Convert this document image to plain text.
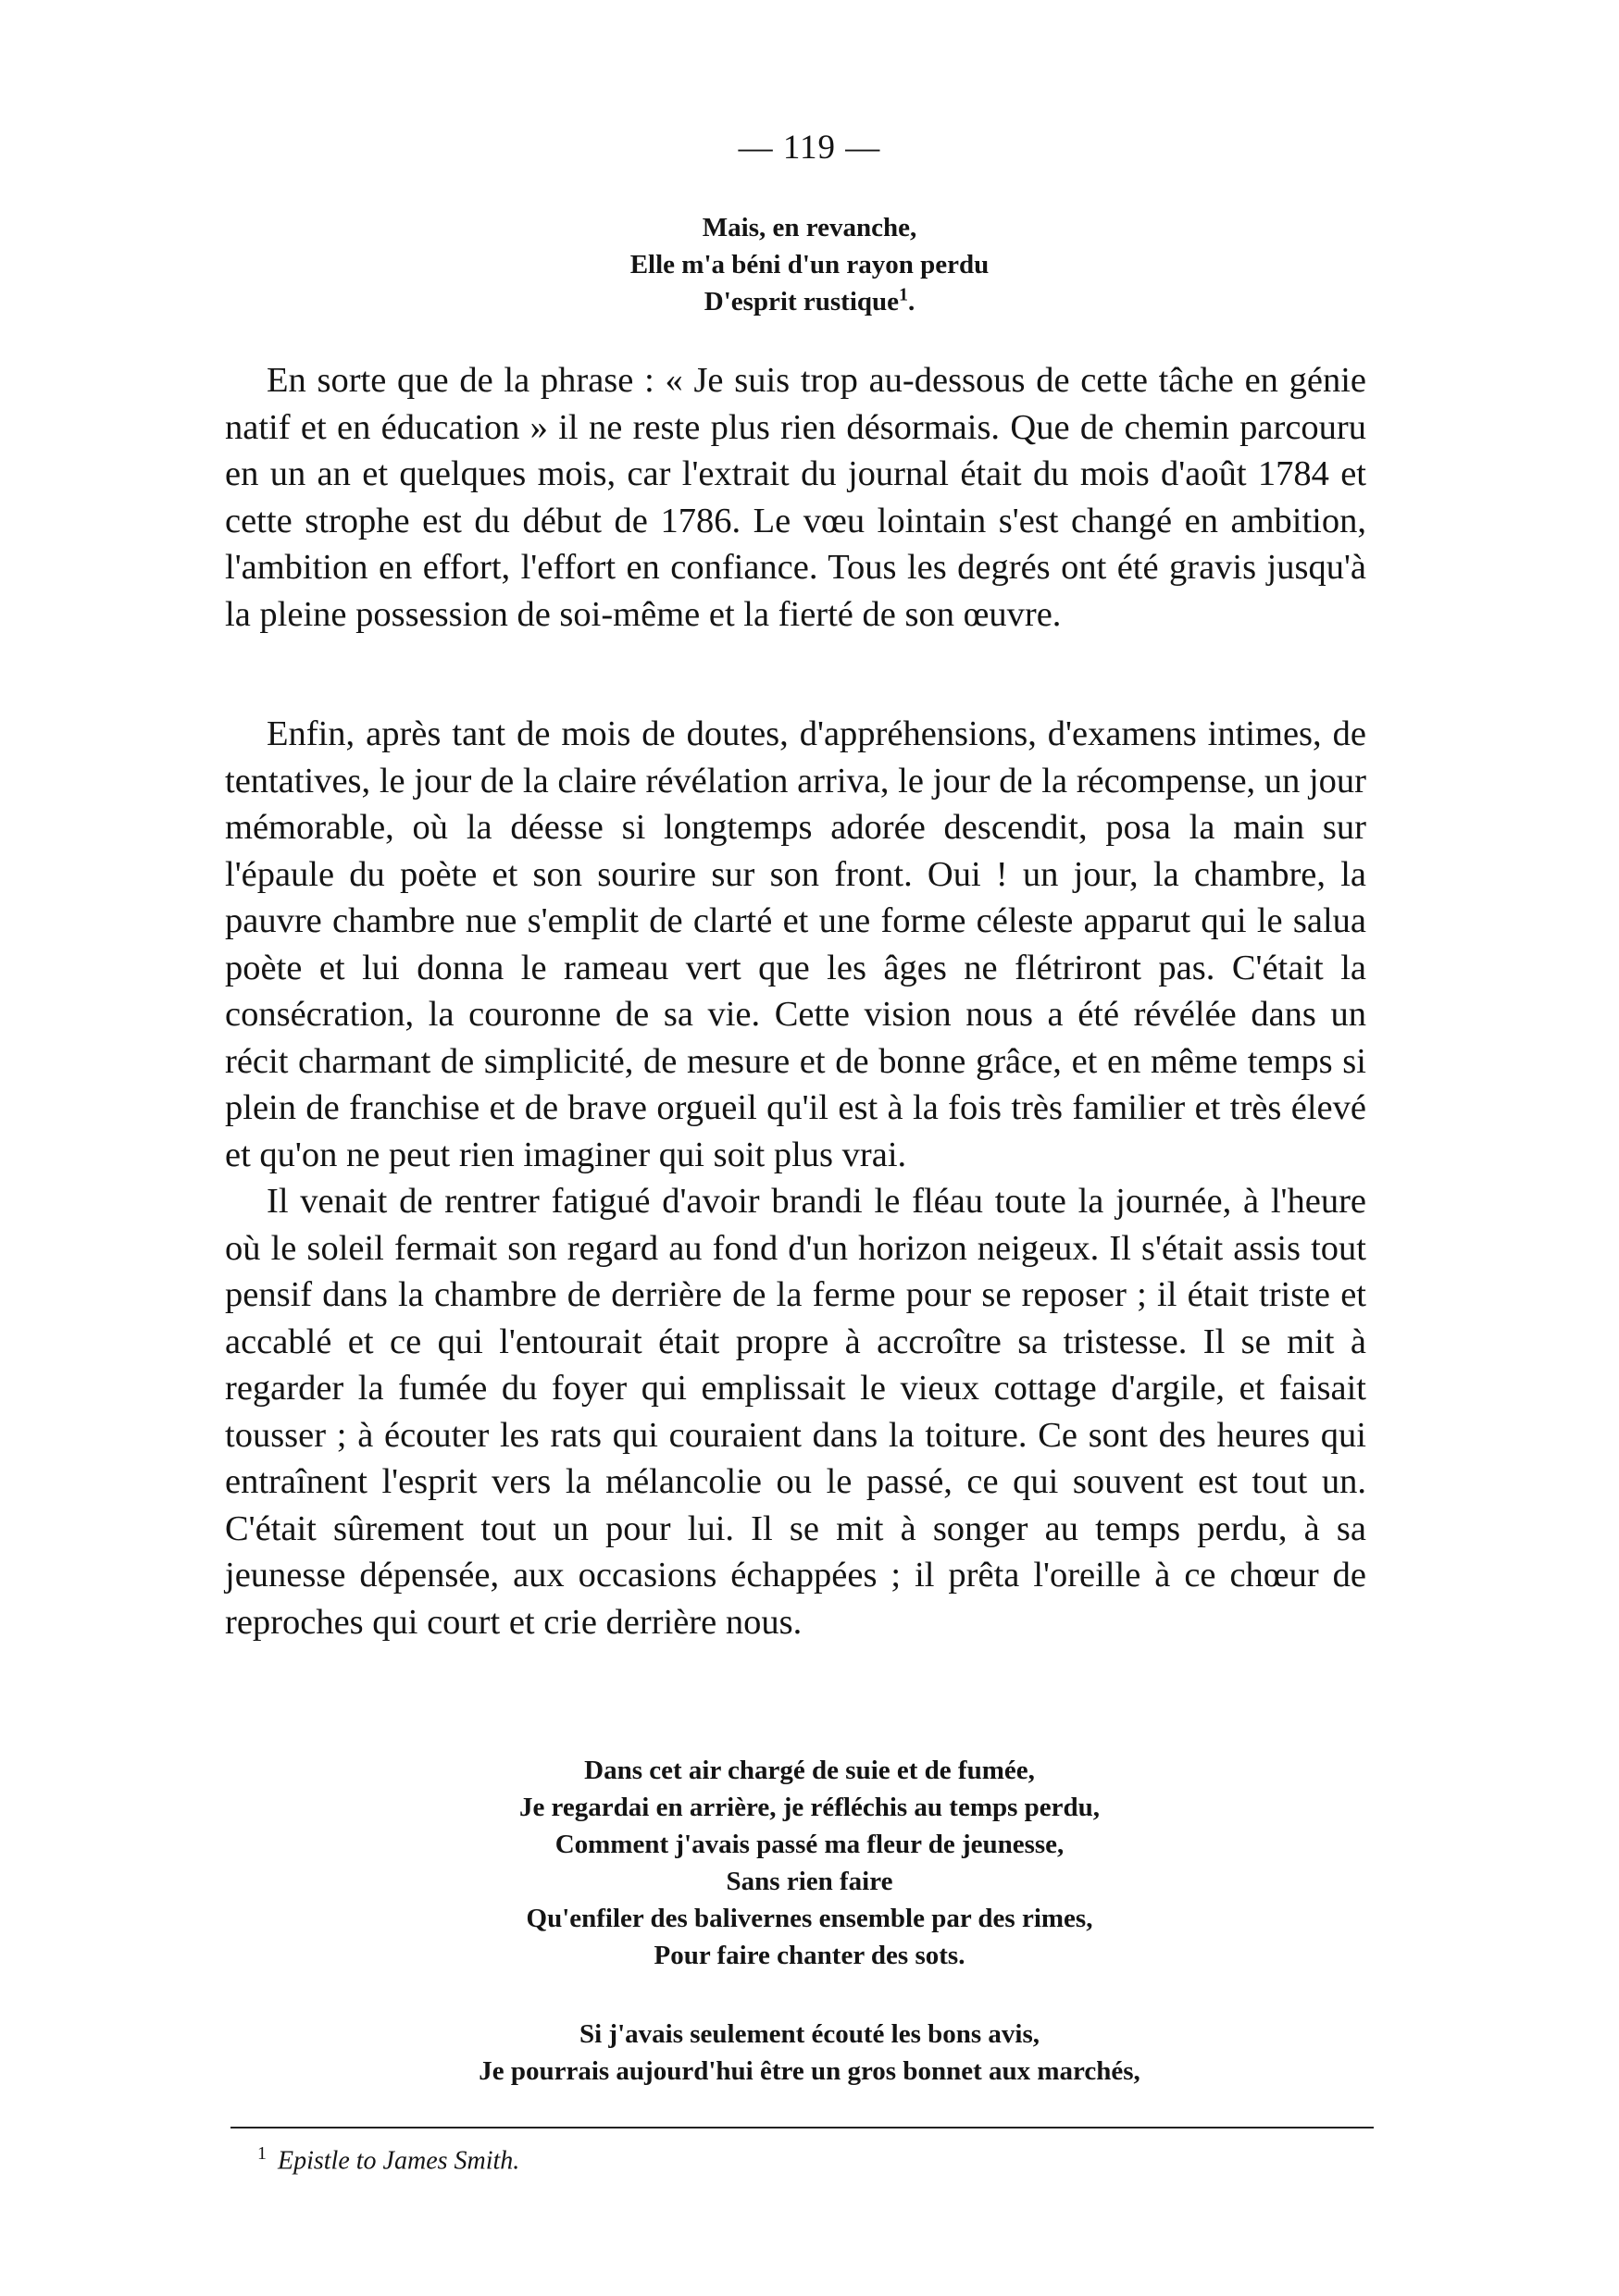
— 119 —
Mais, en revanche,
Elle m'a béni d'un rayon perdu
D'esprit rustique$^1$.

En sorte que de la phrase : « Je suis trop au-dessous de cette tâche en génie natif et en éducation » il ne reste plus rien désormais. Que de chemin parcouru en un an et quelques mois, car l'extrait du journal était du mois d'août 1784 et cette strophe est du début de 1786. Le vœu lointain s'est changé en ambition, l'ambition en effort, l'effort en confiance. Tous les degrés ont été gravis jusqu'à la pleine possession de soi-même et la fierté de son œuvre.

Enfin, après tant de mois de doutes, d'appréhensions, d'examens intimes, de tentatives, le jour de la claire révélation arriva, le jour de la récompense, un jour mémorable, où la déesse si longtemps adorée descendit, posa la main sur l'épaule du poète et son sourire sur son front. Oui ! un jour, la chambre, la pauvre chambre nue s'emplit de clarté et une forme céleste apparut qui le salua poète et lui donna le rameau vert que les âges ne flétriront pas. C'était la consécration, la couronne de sa vie. Cette vision nous a été révélée dans un récit charmant de simplicité, de mesure et de bonne grâce, et en même temps si plein de franchise et de brave orgueil qu'il est à la fois très familier et très élevé et qu'on ne peut rien imaginer qui soit plus vrai.

Il venait de rentrer fatigué d'avoir brandi le fléau toute la journée, à l'heure où le soleil fermait son regard au fond d'un horizon neigeux. Il s'était assis tout pensif dans la chambre de derrière de la ferme pour se reposer ; il était triste et accablé et ce qui l'entourait était propre à accroître sa tristesse. Il se mit à regarder la fumée du foyer qui emplissait le vieux cottage d'argile, et faisait tousser ; à écouter les rats qui couraient dans la toiture. Ce sont des heures qui entraînent l'esprit vers la mélancolie ou le passé, ce qui souvent est tout un. C'était sûrement tout un pour lui. Il se mit à songer au temps perdu, à sa jeunesse dépensée, aux occasions échappées ; il prêta l'oreille à ce chœur de reproches qui court et crie derrière nous.

Dans cet air chargé de suie et de fumée,
Je regardai en arrière, je réfléchis au temps perdu,
Comment j'avais passé ma fleur de jeunesse,
Sans rien faire
Qu'enfiler des balivernes ensemble par des rimes,
Pour faire chanter des sots.
Si j'avais seulement écouté les bons avis,
Je pourrais aujourd'hui être un gros bonnet aux marchés,
$^1$ Epistle to James Smith.
